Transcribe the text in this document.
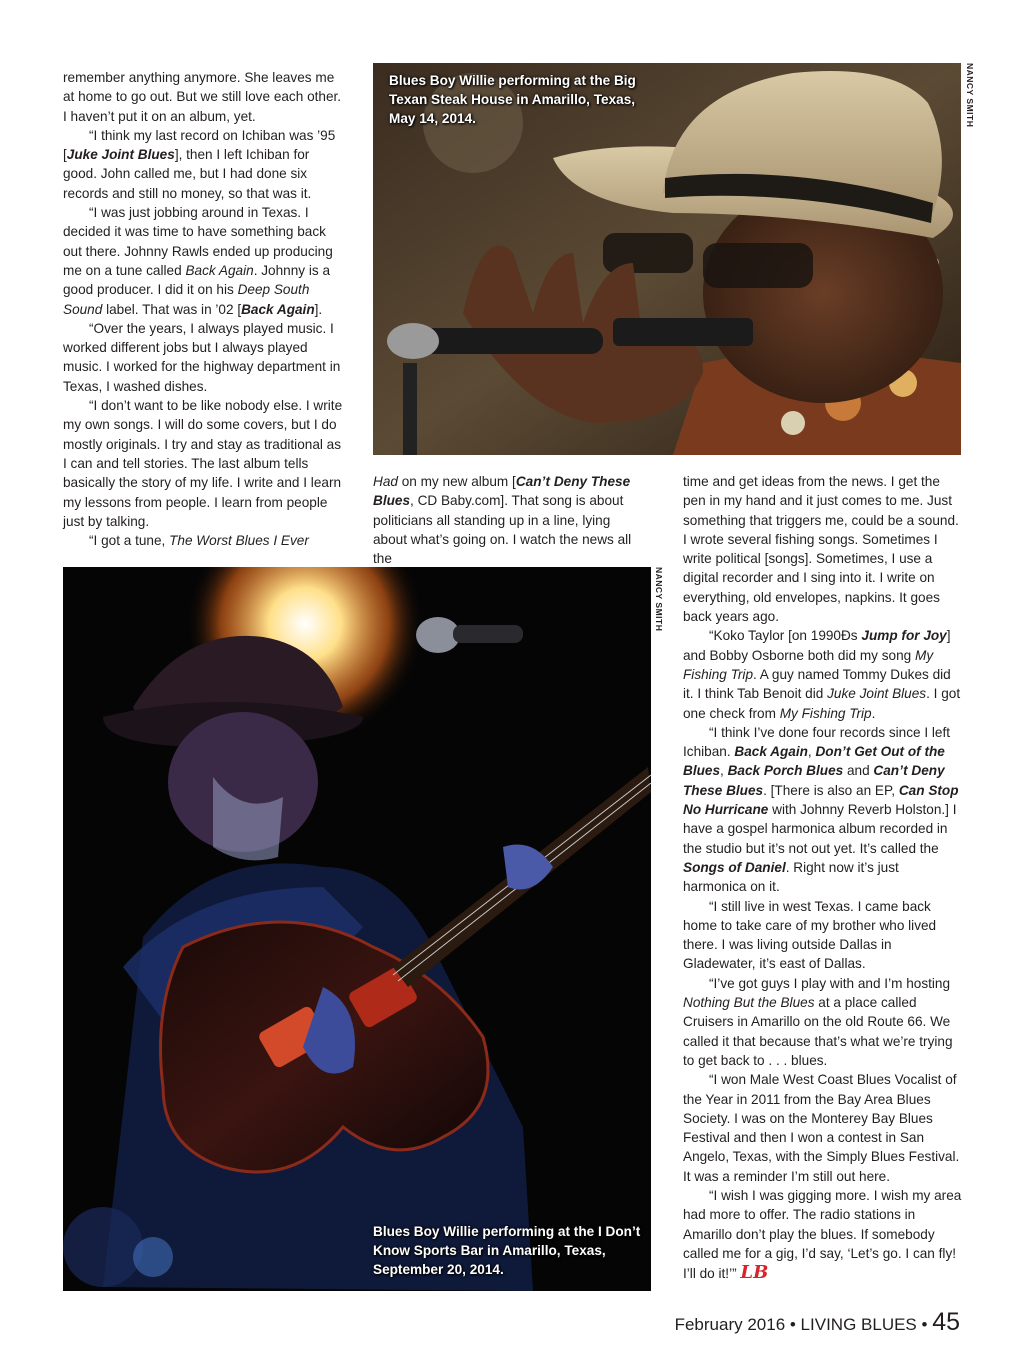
remember anything anymore. She leaves me at home to go out. But we still love each other. I haven’t put it on an album, yet.

“I think my last record on Ichiban was ’95 [Juke Joint Blues], then I left Ichiban for good. John called me, but I had done six records and still no money, so that was it.

“I was just jobbing around in Texas. I decided it was time to have something back out there. Johnny Rawls ended up producing me on a tune called Back Again. Johnny is a good producer. I did it on his Deep South Sound label. That was in ’02 [Back Again].

“Over the years, I always played music. I worked different jobs but I always played music. I worked for the highway department in Texas, I washed dishes.

“I don’t want to be like nobody else. I write my own songs. I will do some covers, but I do mostly originals. I try and stay as traditional as I can and tell stories. The last album tells basically the story of my life. I write and I learn my lessons from people. I learn from people just by talking.

“I got a tune, The Worst Blues I Ever

Blues Boy Willie performing at the Big Texan Steak House in Amarillo, Texas, May 14, 2014.	NANCY SMITH

Had on my new album [Can’t Deny These Blues, CD Baby.com]. That song is about politicians all standing up in a line, lying about what’s going on. I watch the news all the

Blues Boy Willie performing at the I Don’t Know Sports Bar in Amarillo, Texas, September 20, 2014.
NANCY SMITH

time and get ideas from the news. I get the pen in my hand and it just comes to me. Just something that triggers me, could be a sound. I wrote several fishing songs. Sometimes I write political [songs]. Sometimes, I use a digital recorder and I sing into it. I write on everything, old envelopes, napkins. It goes back years ago.

“Koko Taylor [on 1990Ðs Jump for Joy] and Bobby Osborne both did my song My Fishing Trip. A guy named Tommy Dukes did it. I think Tab Benoit did Juke Joint Blues. I got one check from My Fishing Trip.

“I think I’ve done four records since I left Ichiban. Back Again, Don’t Get Out of the Blues, Back Porch Blues and Can’t Deny These Blues. [There is also an EP, Can Stop No Hurricane with Johnny Reverb Holston.] I have a gospel harmonica album recorded in the studio but it’s not out yet. It’s called the Songs of Daniel. Right now it’s just harmonica on it.

“I still live in west Texas. I came back home to take care of my brother who lived there. I was living outside Dallas in Gladewater, it’s east of Dallas.

“I’ve got guys I play with and I’m hosting Nothing But the Blues at a place called Cruisers in Amarillo on the old Route 66. We called it that because that’s what we’re trying to get back to . . . blues.

“I won Male West Coast Blues Vocalist of the Year in 2011 from the Bay Area Blues Society. I was on the Monterey Bay Blues Festival and then I won a contest in San Angelo, Texas, with the Simply Blues Festival. It was a reminder I’m still out here.

“I wish I was gigging more. I wish my area had more to offer. The radio stations in Amarillo don’t play the blues. If somebody called me for a gig, I’d say, ‘Let’s go. I can fly! I’ll do it!’” LB

February 2016 • LIVING BLUES • 45
